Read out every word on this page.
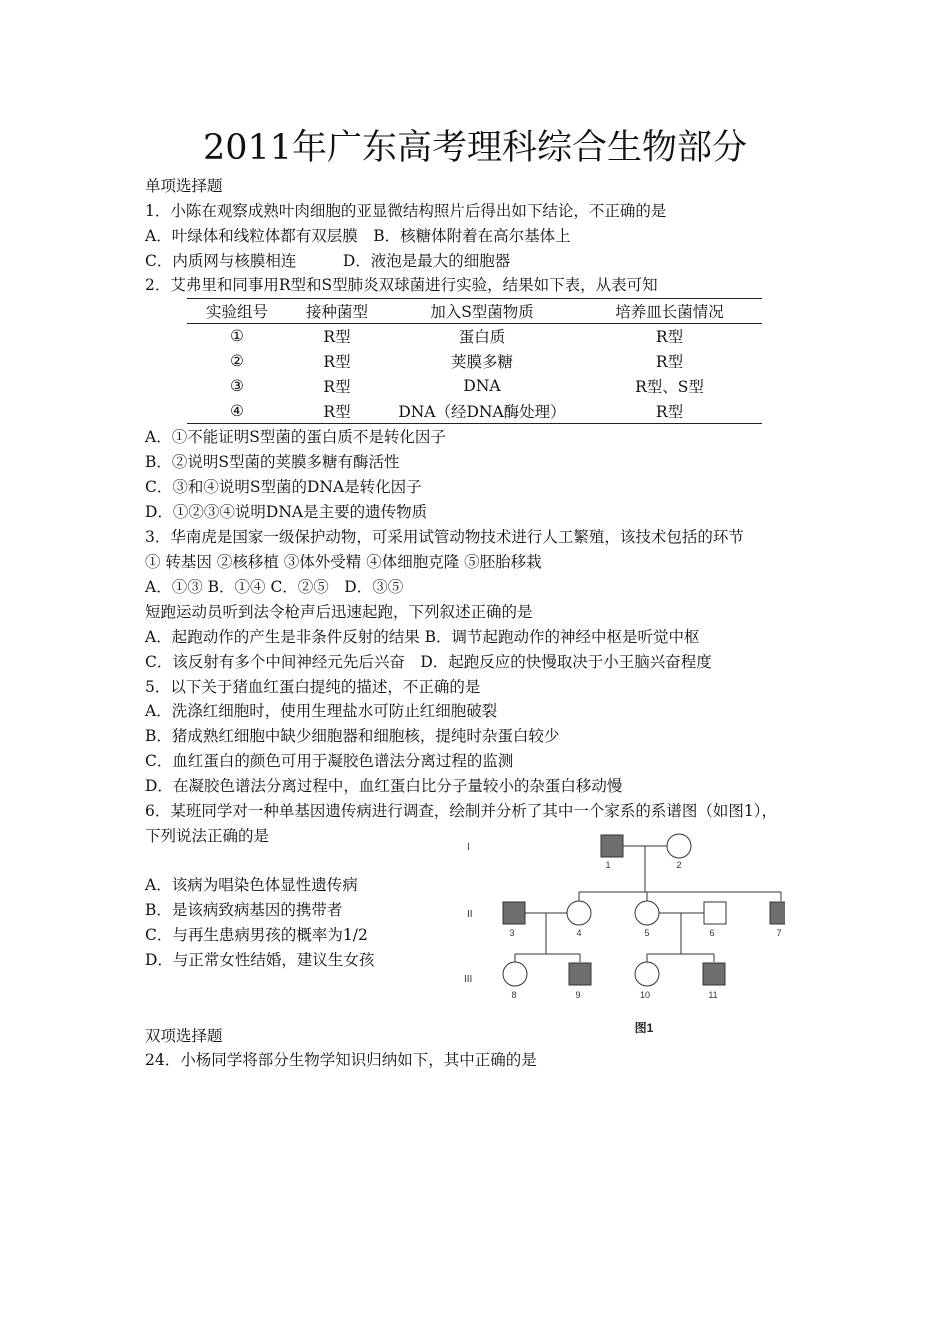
2011年广东高考理科综合生物部分
单项选择题
1．小陈在观察成熟叶肉细胞的亚显微结构照片后得出如下结论，不正确的是
A．叶绿体和线粒体都有双层膜　B．核糖体附着在高尔基体上
C．内质网与核膜相连　　　D．液泡是最大的细胞器
2．艾弗里和同事用R型和S型肺炎双球菌进行实验，结果如下表，从表可知
实验组号	接种菌型	加入S型菌物质	培养皿长菌情况
①	R型	蛋白质	R型
②	R型	荚膜多糖	R型
③	R型	DNA	R型、S型
④	R型	DNA（经DNA酶处理）	R型
A．①不能证明S型菌的蛋白质不是转化因子
B．②说明S型菌的荚膜多糖有酶活性
C．③和④说明S型菌的DNA是转化因子
D．①②③④说明DNA是主要的遗传物质
3．华南虎是国家一级保护动物，可采用试管动物技术进行人工繁殖，该技术包括的环节
① 转基因 ②核移植 ③体外受精 ④体细胞克隆 ⑤胚胎移栽
A．①③ B．①④ C．②⑤　D．③⑤
短跑运动员听到法令枪声后迅速起跑，下列叙述正确的是
A．起跑动作的产生是非条件反射的结果 B．调节起跑动作的神经中枢是听觉中枢
C．该反射有多个中间神经元先后兴奋　D．起跑反应的快慢取决于小王脑兴奋程度
5．以下关于猪血红蛋白提纯的描述，不正确的是
A．洗涤红细胞时，使用生理盐水可防止红细胞破裂
B．猪成熟红细胞中缺少细胞器和细胞核，提纯时杂蛋白较少
C．血红蛋白的颜色可用于凝胶色谱法分离过程的监测
D．在凝胶色谱法分离过程中，血红蛋白比分子量较小的杂蛋白移动慢
6．某班同学对一种单基因遗传病进行调查，绘制并分析了其中一个家系的系谱图（如图1），
下列说法正确的是
A．该病为唱染色体显性遗传病
B．是该病致病基因的携带者
C．与再生患病男孩的概率为1/2
D．与正常女性结婚，建议生女孩
I
II
III
1	2
3	4	5	6	7
8	9	10	11
图1
双项选择题
24．小杨同学将部分生物学知识归纳如下，其中正确的是
